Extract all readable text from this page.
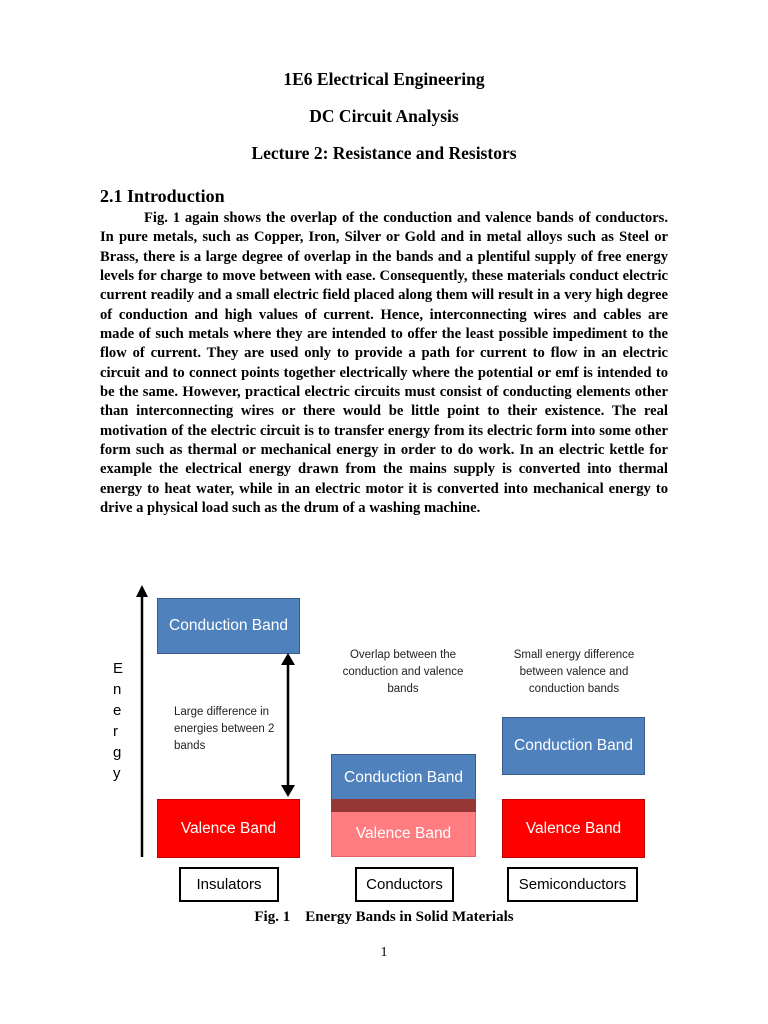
1E6 Electrical Engineering
DC Circuit Analysis
Lecture 2: Resistance and Resistors
2.1 Introduction
Fig. 1 again shows the overlap of the conduction and valence bands of conductors. In pure metals, such as Copper, Iron, Silver or Gold and in metal alloys such as Steel or Brass, there is a large degree of overlap in the bands and a plentiful supply of free energy levels for charge to move between with ease. Consequently, these materials conduct electric current readily and a small electric field placed along them will result in a very high degree of conduction and high values of current. Hence, interconnecting wires and cables are made of such metals where they are intended to offer the least possible impediment to the flow of current. They are used only to provide a path for current to flow in an electric circuit and to connect points together electrically where the potential or emf is intended to be the same. However, practical electric circuits must consist of conducting elements other than interconnecting wires or there would be little point to their existence. The real motivation of the electric circuit is to transfer energy from its electric form into some other form such as thermal or mechanical energy in order to do work. In an electric kettle for example the electrical energy drawn from the mains supply is converted into thermal energy to heat water, while in an electric motor it is converted into mechanical energy to drive a physical load such as the drum of a washing machine.
E
n
e
r
g
y
Conduction Band
Large difference in energies between 2 bands
Valence Band
Insulators
Overlap between the conduction and valence bands
Conduction Band
Valence Band
Conductors
Small energy difference between valence and conduction bands
Conduction Band
Valence Band
Semiconductors
Fig. 1    Energy Bands in Solid Materials
1
